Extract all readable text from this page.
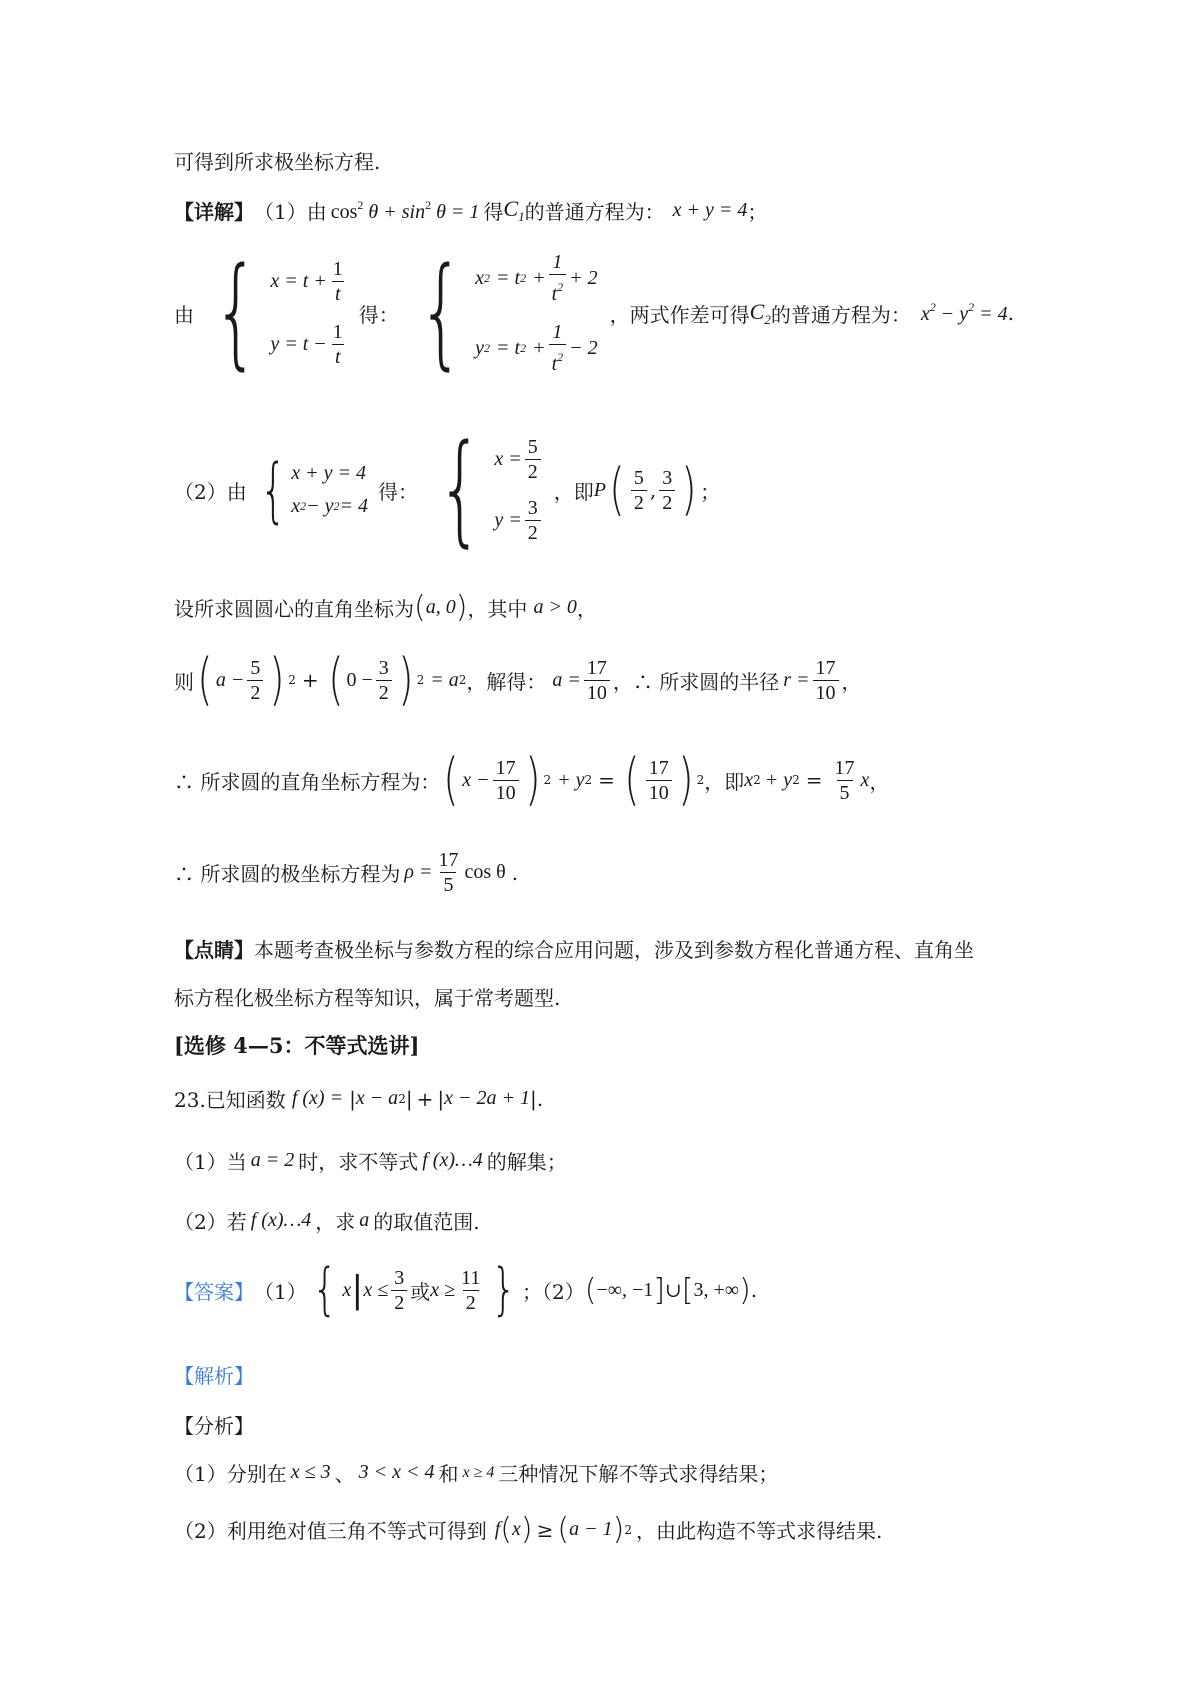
可得到所求极坐标方程.
【详解】 （1）由 $\cos^2 \theta + \sin^2 \theta = 1$ 得 $C_1$ 的普通方程为： x + y = 4 ；
由 { $x = t + \frac{1}{t}$
$y = t - \frac{1}{t}$
得： { x 2 = t $2 + \frac{1}{t^2} + 2$
y 2 = t $2 + \frac{1}{t^2} - 2$
，两式作差可得 $C_2$ 的普通方程为： $x^2 - y^2 = 4$ .
（2）由 { x + y = 4
x 2 − y 2 = 4
得： { $x = \frac{5}{2}$
$y = \frac{3}{2}$
，即 P ( $\frac{5}{2}$ , $\frac{3}{2}$ ) ；
设所求圆圆心的直角坐标为 ( a, 0 ) ，其中 a > 0 ，
则 ( $a - \frac{5}{2}$ ) 2 + ( $0 - \frac{3}{2}$ ) 2 = a 2 ，解得： $a = \frac{17}{10}$ ，∴ 所求圆的半径 $r = \frac{17}{10}$ ，
∴ 所求圆的直角坐标方程为： ( $x - \frac{17}{10}$ ) 2 + y 2 = ( $\frac{17}{10}$ ) 2 ，即 x 2 + y $2 = \frac{17}{5}$ x ，
∴ 所求圆的极坐标方程为 $\rho = \frac{17}{5}$ cos θ .
【点睛】 本题考查极坐标与参数方程的综合应用问题，涉及到参数方程化普通方程、直角坐
标方程化极坐标方程等知识，属于常考题型.
[选修 4—5：不等式选讲]
23.已知函数 f (x) = | x − a 2 | + | x − 2a + 1 | .
（1）当 a = 2 时，求不等式 f (x)…4 的解集；
（2）若 f (x)…4 ，求 a 的取值范围.
【答案】 （1） { x | $x \le \frac{3}{2}$ 或 $x \ge \frac{11}{2}$ } ；（2） ( −∞, −1 ] ∪ [ 3, +∞ ) .
【解析】
【分析】
（1）分别在 x ≤ 3 、 3 < x < 4 和 x ≥ 4 三种情况下解不等式求得结果；
（2）利用绝对值三角不等式可得到 f ( x ) ≥ ( a − 1 ) 2 ，由此构造不等式求得结果.
